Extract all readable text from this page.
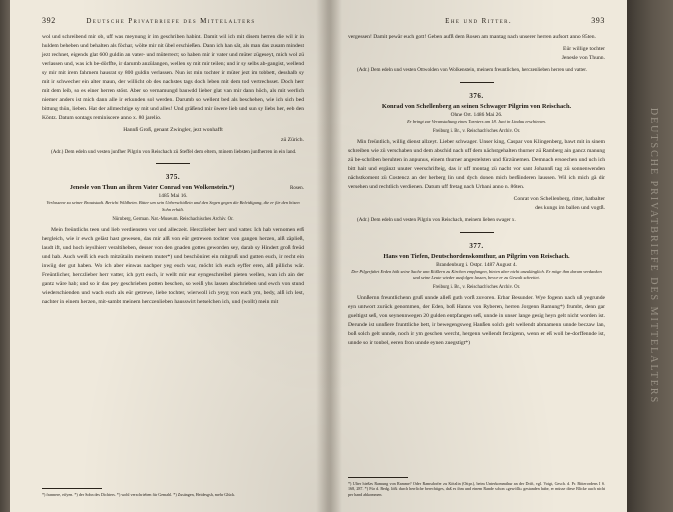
392	Deutsche Privatbriefe des Mittelalters

wol und schreibend mir ob, uff was meynung ir im geschriben habint. Damit wil ich mit disem herren die wil ir in huldem beheben und behalten als föchar, wölte mir nit übel erschießen. Dann ich han sät, als man das zusam mindest jezt rechnet, eigends glat 600 guldin an vater- und müterrect; so haben mir ir vater und müter zügeseyt, mich wol zü verlassen und, was ich be-dörffte, ir darumb anzülangen, wellen sy mit mir teilen; und ir sy selbs ab-gangist, wellend sy mir mit irem fahrnem hausrat sy 800 guldin verlassen. Nun ist min tochter ir müter jezt im tobbett, desshalb sy mit ir schwecher ein alter maun, der willicht ob des nachstes tags doch leben mit dem tod vertrechsset. Doch herr mit dem leib, so es einer herren stöst. Aber so vernamungd bauwdd lieber glat van mir dann höch, als mit werlich niemer anders ist mich dann alle ir erkunden sol werden. Darumb so wellent bed als beschehen, wie ich sich bed bittung thün, lieben. Hat der allmechtige sy mit und alles! Und gräßend mir üwere lieb und sun sy liebs her, eeb den Köntz. Datum sontags reminiscere anno x. 80 jarelio.

Hannß Groß, genant Zwingler, jezt wonhafft

zü Zürich.

(Adr.) Dem edeln und vesten junfher Pilgrin von Reischach zü Steffel dem eltern, minem liebsten junfherren in ein land.

375.
Jenesle von Thun an ihren Vater Conrad von Wolkenstein.*)	Rosen.
1485 Mai 16.

Verlassene zu seiner Brautstadt. Bericht Wildheim. Bitter um sein Ueberschidlein und den Segen gegen die Beleidigung, die er für den bösen Sohn erhält.

Nürnberg, German. Nat.-Museum. Reischachisches Archiv. Or.

Mein freüntlichs teen und lieb verdiensten vor und alleczeit. Herczlieber herr und vatter. Ich hab vernomen erß hergleich, wie ir ewch geläst hast gewesen, das mir alß von eür getrewen tochter von gangen herzen, alß zäpließ, laudt ift, und hoch ieyslhierr veraltiheben, desser von den gnaden gottes geworden sey, darab sy Hindert groß freüd und hab. Auch weiß ich euch mitzütailn meinem muter*) und beschöniret ein mitgruß und gutten euch, ir recht ein inwiig der gut haben. Wo ich aber einwas nachper yeg euch war, möcht ich euch eyffer eren, alß pillichs wär. Freüntlicher, herczlieber herr vatter, ich pytt euch, ir wellt mir eur eyngeschreibel pieten wellen, wan ich ain der gantz wäre hab; und so ir das pey geschrieben potten beschen, so weiß yhs lassen abschrieben und ewch von stund wiederschienden und wach euch als eür getrewe, liebe tochter, wierwoll ich yeyg von euch ym, bedy, alß ich lest, nachter in einem herzen, mit-sambt meinem herczenlieben hausswirt hetselchen ich, und (wollt) mein mit

*) frannere, eifyen. *) der Sohn des Dichters. *) wohl verschrieben für Gemahl. *) Zusängen, Heidesgsh, mehr Glück.
Ehe und Ritter.	393

vergessen! Damit pewär euch gott! Geben aufß dem Rosen am mantag nach unserer herren aufsort anno 85ten.

Eür willige tochter

Jenesle von Thunn.

(Adr.) Dem edeln und vesten Ottwolden von Wolkenstein, meinem freuntlichen, herczenlieben herren und vatter.

376.
Konrad von Schellenberg an seinen Schwager Pilgrim von Reischach.
Ohne Ort. 1486 Mai 26.

Er bringt zur Veranstaltung eines Turniers am 18. Juni in Lindau erschienen.

Freiburg i. Br., v. Reischach'sches Archiv. Or.

Min freüntlich, willig dienst allzeyt. Lieber schwager. Unser king, Caspar von Klingenberg, bawt mit in sinem schreiben wie zü verschaben und dem abschid nach uff dem nächstgehalten thurner zü Ramberg ain gancz manung zü be-schriben beruhten in anpunus, einem thurner angestelsten und fürzünemen. Demnach ersoechen und uch ich bitt hait und ergänzt unuter veerschrifteig, das ir uff montag zü nacht vor sant Johannß tag zü sonnenwenden nächstkoment zü Costencz an der herberg lin und dych donen mich berßinderen laussen. Wil ich mich gä dir versehen und rechtlich verdienen. Datum uff fretag nach Urbani anno n. 86ten.

Conrat von Schellenberg, ritter, hatbalter

des kungs im ballen und vogtß.

(Adr.) Dem edeln und vesten Pilgrin von Reischach, meinem lieben swager x.

377.
Hans von Tiefen, Deutschordenskomthur, an Pilgrim von Reischach.
Brandenburg i. Ostpr. 1487 August 4.

Der Pilgerfahrt Erden hält seine Sache unn Rößlern zu Kirchen empfangen, bieten aber nicht unzulänglich. Er möge ihm darum verdanken und seine Leute wieder ausfolgen lassen, bevor er zu Gewalt schreitet.

Freiburg i. Br., v. Reischach'sches Archiv. Or.

Unnßernn freuntlichenn gruß unnde alleß guth vorß zuvoren. Erbar Besunder. Wye fogenn nach uß yegrunde eyn untwort zurück genommen, der Eden, boß Hanns von Ryberen, herren Jorgenn Ramung*) frumbt, denn gar gueltigst seß, von seynennwegen 20 gulden entpfangen seß, unnde in unser lange gesig heyn gelt nicht worden ist. Derunde ist unnßere frunttliche bett, ir bewegengsweg Hanßen solch gelt wellendt abmamenn unnde beczaw lan, boß solch gelt unnde, noch ir ym geschen wercht, hergenn wellendt ferzigenn, wenn er eß woll be-dorffennde ist, unnde so ir tonbel, eeren fron unnde eynen zuegstigt*)

*) Ulter hießes Ramung von Ramme? Oder Ramsdorfer zu Kötzlin (Ottpr.), beim Unterkommthur an der Drift, vgl. Voigt, Gesch. d. Pr. Bitterordens I S. 168, 287. *) Für d. Bedg. lößt durch herrliche berechtiges, daß es ihm und einem Rande schon »gewöllt« gestanden habe, er müsse diese Blicke auch nicht per hand abkommen.
DEUTSCHE PRIVATBRIEFE DES MITTELALTERS
